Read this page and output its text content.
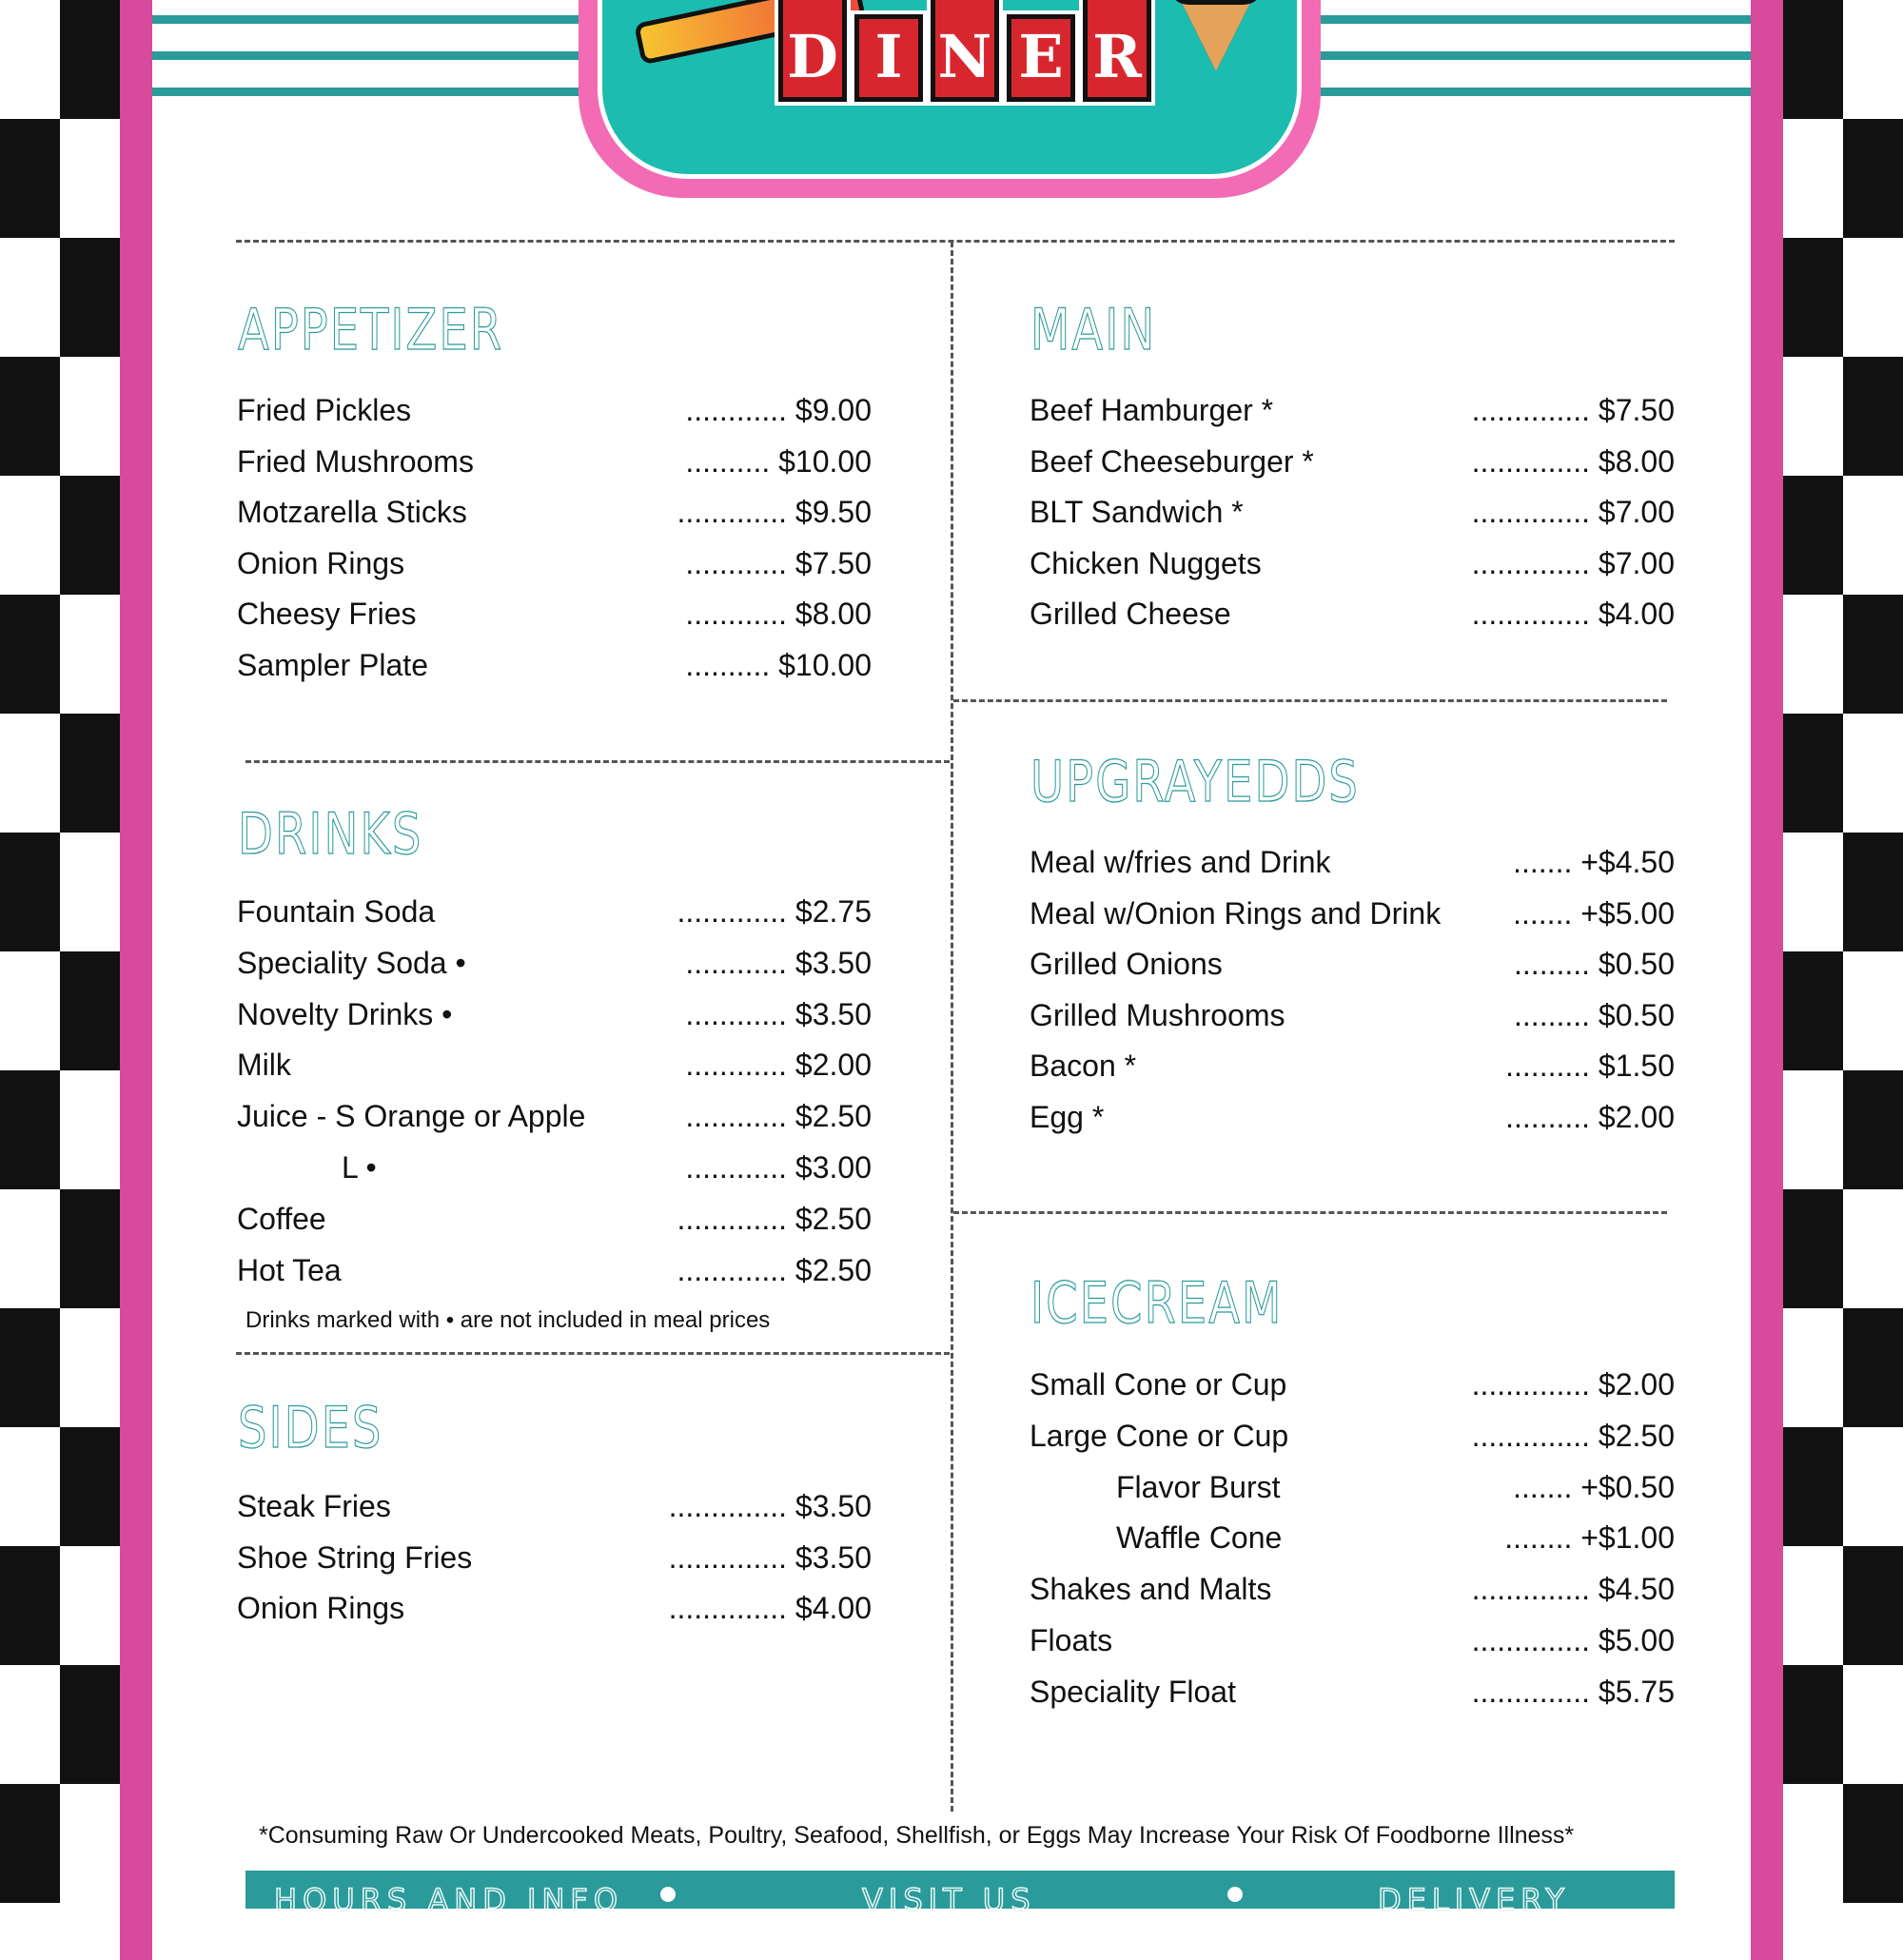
D I N E R
APPETIZER
Fried Pickles	............ $9.00
Fried Mushrooms	.......... $10.00
Motzarella Sticks	............. $9.50
Onion Rings	............ $7.50
Cheesy Fries	............ $8.00
Sampler Plate	.......... $10.00
DRINKS
Fountain Soda	............. $2.75
Speciality Soda •	............ $3.50
Novelty Drinks •	............ $3.50
Milk	............ $2.00
Juice - S Orange or Apple	............ $2.50
L •	............ $3.00
Coffee	............. $2.50
Hot Tea	............. $2.50
SIDES
Steak Fries	.............. $3.50
Shoe String Fries	.............. $3.50
Onion Rings	.............. $4.00
MAIN
Beef Hamburger *	.............. $7.50
Beef Cheeseburger *	.............. $8.00
BLT Sandwich *	.............. $7.00
Chicken Nuggets	.............. $7.00
Grilled Cheese	.............. $4.00
UPGRAYEDDS
Meal w/fries and Drink	....... +$4.50
Meal w/Onion Rings and Drink ....... +$5.00
Grilled Onions	......... $0.50
Grilled Mushrooms	......... $0.50
Bacon *	.......... $1.50
Egg *	.......... $2.00
ICECREAM
Small Cone or Cup	.............. $2.00
Large Cone or Cup	.............. $2.50
Flavor Burst	....... +$0.50
Waffle Cone	........ +$1.00
Shakes and Malts	.............. $4.50
Floats	.............. $5.00
Speciality Float	.............. $5.75
Drinks marked with • are not included in meal prices
*Consuming Raw Or Undercooked Meats, Poultry, Seafood, Shellfish, or Eggs May Increase Your Risk Of Foodborne Illness*
HOURS AND INFO	VISIT US	DELIVERY
